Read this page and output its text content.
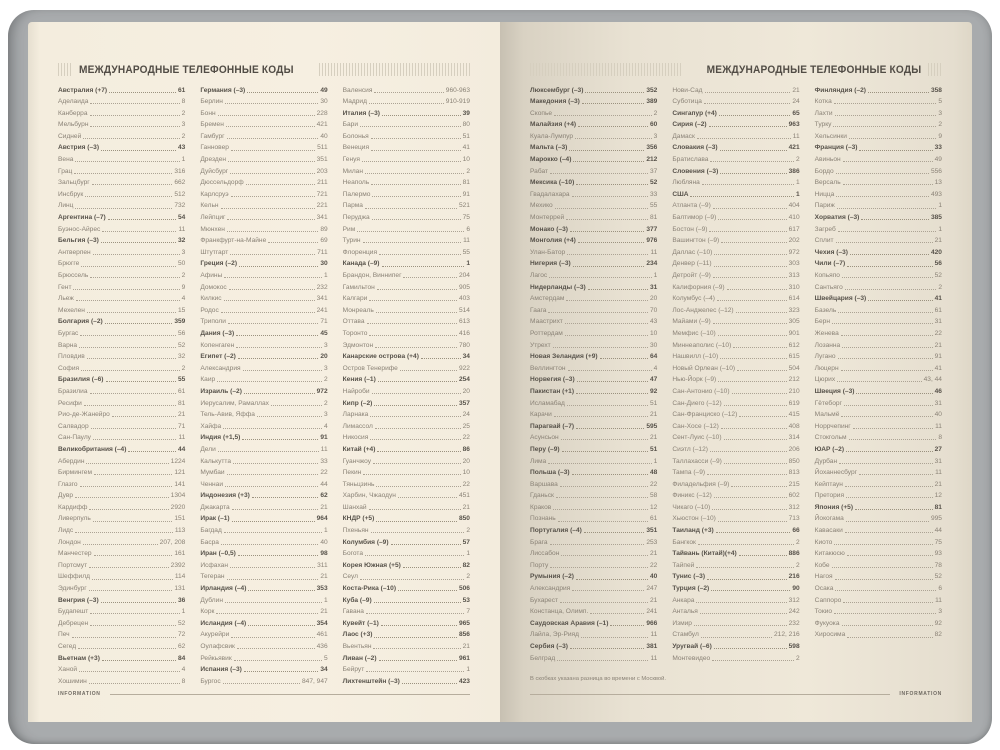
МЕЖДУНАРОДНЫЕ ТЕЛЕФОННЫЕ КОДЫ
Австралия (+7)	61
Аделаида	8
Канберра	2
Мельбурн	3
Сидней	2
Австрия (–3)	43
Вена	1
Грац	316
Зальцбург	662
Инсбрук	512
Линц	732
Аргентина (–7)	54
Буэнос-Айрес	11
Бельгия (–3)	32
Антверпен	3
Брюгге	50
Брюссель	2
Гент	9
Льеж	4
Мехелен	15
Болгария (–2)	359
Бургас	56
Варна	52
Пловдив	32
София	2
Бразилия (–6)	55
Бразилиа	61
Ресифи	81
Рио-де-Жанейро	21
Салвадор	71
Сан-Паулу	11
Великобритания (–4)	44
Абердин	1224
Бирмингем	121
Глазго	141
Дувр	1304
Кардифф	2920
Ливерпуль	151
Лидс	113
Лондон	207, 208
Манчестер	161
Портсмут	2392
Шеффилд	114
Эдинбург	131
Венгрия (–3)	36
Будапешт	1
Дебрецен	52
Печ	72
Сегед	62
Вьетнам (+3)	84
Ханой	4
Хошимин	8
Германия (–3)	49
Берлин	30
Бонн	228
Бремен	421
Гамбург	40
Ганновер	511
Дрезден	351
Дуйсбург	203
Дюссельдорф	211
Карлсруэ	721
Кельн	221
Лейпциг	341
Мюнхен	89
Франкфурт-на-Майне	69
Штутгарт	711
Греция (–2)	30
Афины	1
Домокос	232
Килкис	341
Родос	241
Триполи	71
Дания (–3)	45
Копенгаген	3
Египет (–2)	20
Александрия	3
Каир	2
Израиль (–2)	972
Иерусалим, Рамаллах	2
Тель-Авив, Яффа	3
Хайфа	4
Индия (+1,5)	91
Дели	11
Калькутта	33
Мумбаи	22
Ченнаи	44
Индонезия (+3)	62
Джакарта	21
Ирак (–1)	964
Багдад	1
Басра	40
Иран (–0,5)	98
Исфахан	311
Тегеран	21
Ирландия (–4)	353
Дублин	1
Корк	21
Исландия (–4)	354
Акурейри	461
Оулафсвик	436
Рейкьявик	5
Испания (–3)	34
Бургос	847, 947
Валенсия	960-963
Мадрид	910-919
Италия (–3)	39
Бари	80
Болонья	51
Венеция	41
Генуя	10
Милан	2
Неаполь	81
Палермо	91
Парма	521
Перуджа	75
Рим	6
Турин	11
Флоренция	55
Канада (–9)	1
Брандон, Виннипег	204
Гамильтон	905
Калгари	403
Монреаль	514
Оттава	613
Торонто	416
Эдмонтон	780
Канарские острова (+4)	34
Остров Тенерифе	922
Кения (–1)	254
Найроби	20
Кипр (–2)	357
Ларнака	24
Лимассол	25
Никосия	22
Китай (+4)	86
Гуанчжоу	20
Пекин	10
Тяньцзинь	22
Харбин, Чжаодун	451
Шанхай	21
КНДР (+5)	850
Пхеньян	2
Колумбия (–9)	57
Богота	1
Корея Южная (+5)	82
Сеул	2
Коста-Рика (–10)	506
Куба (–9)	53
Гавана	7
Кувейт (–1)	965
Лаос (+3)	856
Вьентьян	21
Ливан (–2)	961
Бейрут	1
Лихтенштейн (–3)	423
INFORMATION
МЕЖДУНАРОДНЫЕ ТЕЛЕФОННЫЕ КОДЫ
Люксембург (–3)	352
Македония (–3)	389
Скопье	2
Малайзия (+4)	60
Куала-Лумпур	3
Мальта (–3)	356
Марокко (–4)	212
Рабат	37
Мексика (–10)	52
Гвадалахара	33
Мехико	55
Монтеррей	81
Монако (–3)	377
Монголия (+4)	976
Улан-Батор	11
Нигерия (–3)	234
Лагос	1
Нидерланды (–3)	31
Амстердам	20
Гаага	70
Маастрихт	43
Роттердам	10
Утрехт	30
Новая Зеландия (+9)	64
Веллингтон	4
Норвегия (–3)	47
Пакистан (+1)	92
Исламабад	51
Карачи	21
Парагвай (–7)	595
Асунсьон	21
Перу (–9)	51
Лима	1
Польша (–3)	48
Варшава	22
Гданьск	58
Краков	12
Познань	61
Португалия (–4)	351
Брага	253
Лиссабон	21
Порту	22
Румыния (–2)	40
Александрия	247
Бухарест	21
Констанца, Олимп.	241
Саудовская Аравия (–1)	966
Лайла, Эр-Рияд	11
Сербия (–3)	381
Белград	11
Нови-Сад	21
Суботица	24
Сингапур (+4)	65
Сирия (–2)	963
Дамаск	11
Словакия (–3)	421
Братислава	2
Словения (–3)	386
Любляна	1
США	1
Атланта (–9)	404
Балтимор (–9)	410
Бостон (–9)	617
Вашингтон (–9)	202
Даллас (–10)	972
Денвер (–11)	303
Детройт (–9)	313
Калифорния (–9)	310
Колумбус (–4)	614
Лос-Анджелес (–12)	323
Майами (–9)	305
Мемфис (–10)	901
Миннеаполис (–10)	612
Нашвилл (–10)	615
Новый Орлеан (–10)	504
Нью-Йорк (–9)	212
Сан-Антонио (–10)	210
Сан-Диего (–12)	619
Сан-Франциско (–12)	415
Сан-Хосе (–12)	408
Сент-Луис (–10)	314
Сиэтл (–12)	206
Таллахасси (–9)	850
Тампа (–9)	813
Филадельфия (–9)	215
Финикс (–12)	602
Чикаго (–10)	312
Хьюстон (–10)	713
Таиланд (+3)	66
Бангкок	2
Тайвань (Китай)(+4)	886
Тайпей	2
Тунис (–3)	216
Турция (–2)	90
Анкара	312
Анталья	242
Измир	232
Стамбул	212, 216
Уругвай (–6)	598
Монтевидео	2
Финляндия (–2)	358
Котка	5
Лахти	3
Турку	2
Хельсинки	9
Франция (–3)	33
Авиньон	49
Бордо	556
Версаль	13
Ницца	493
Париж	1
Хорватия (–3)	385
Загреб	1
Сплит	21
Чехия (–3)	420
Чили (–7)	56
Копьяпо	52
Сантьяго	2
Швейцария (–3)	41
Базель	61
Берн	31
Женева	22
Лозанна	21
Лугано	91
Люцерн	41
Цюрих	43, 44
Швеция (–3)	46
Гётеборг	31
Мальмё	40
Норрчепинг	11
Стокгольм	8
ЮАР (–2)	27
Дурбан	31
Йоханнесбург	11
Кейптаун	21
Претория	12
Япония (+5)	81
Йокогама	995
Кавасаки	44
Киото	75
Китакюсю	93
Кобе	78
Нагоя	52
Осака	6
Саппоро	11
Токио	3
Фукуока	92
Хиросима	82
В скобках указана разница во времени с Москвой.
INFORMATION
